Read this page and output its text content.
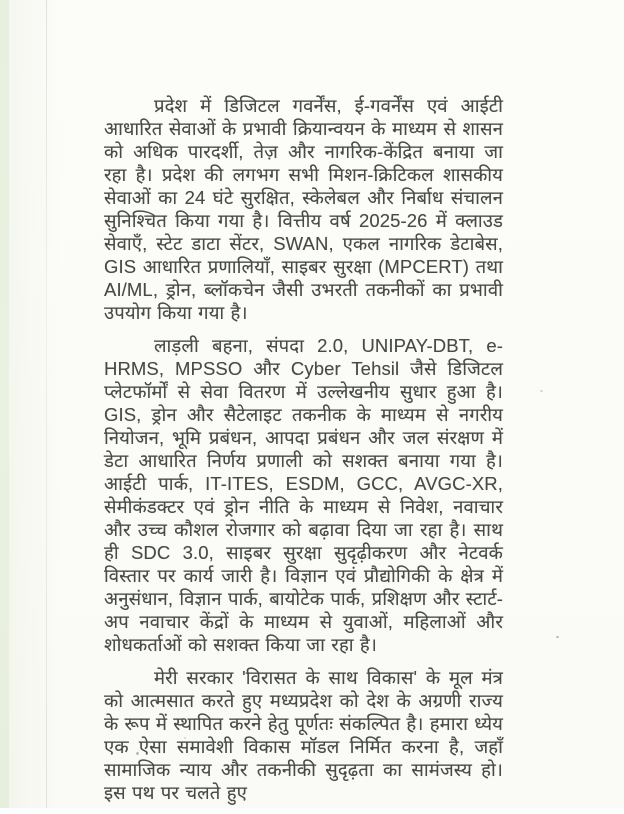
प्रदेश में डिजिटल गवर्नेंस, ई-गवर्नेंस एवं आईटी आधारित सेवाओं के प्रभावी क्रियान्वयन के माध्यम से शासन को अधिक पारदर्शी, तेज़ और नागरिक-केंद्रित बनाया जा रहा है। प्रदेश की लगभग सभी मिशन-क्रिटिकल शासकीय सेवाओं का 24 घंटे सुरक्षित, स्केलेबल और निर्बाध संचालन सुनिश्चित किया गया है। वित्तीय वर्ष 2025-26 में क्लाउड सेवाएँ, स्टेट डाटा सेंटर, SWAN, एकल नागरिक डेटाबेस, GIS आधारित प्रणालियाँ, साइबर सुरक्षा (MPCERT) तथा AI/ML, ड्रोन, ब्लॉकचेन जैसी उभरती तकनीकों का प्रभावी उपयोग किया गया है।

लाड़ली बहना, संपदा 2.0, UNIPAY-DBT, e-HRMS, MPSSO और Cyber Tehsil जैसे डिजिटल प्लेटफॉर्मों से सेवा वितरण में उल्लेखनीय सुधार हुआ है। GIS, ड्रोन और सैटेलाइट तकनीक के माध्यम से नगरीय नियोजन, भूमि प्रबंधन, आपदा प्रबंधन और जल संरक्षण में डेटा आधारित निर्णय प्रणाली को सशक्त बनाया गया है। आईटी पार्क, IT-ITES, ESDM, GCC, AVGC-XR, सेमीकंडक्टर एवं ड्रोन नीति के माध्यम से निवेश, नवाचार और उच्च कौशल रोजगार को बढ़ावा दिया जा रहा है। साथ ही SDC 3.0, साइबर सुरक्षा सुदृढ़ीकरण और नेटवर्क विस्तार पर कार्य जारी है। विज्ञान एवं प्रौद्योगिकी के क्षेत्र में अनुसंधान, विज्ञान पार्क, बायोटेक पार्क, प्रशिक्षण और स्टार्ट-अप नवाचार केंद्रों के माध्यम से युवाओं, महिलाओं और शोधकर्ताओं को सशक्त किया जा रहा है।

मेरी सरकार 'विरासत के साथ विकास' के मूल मंत्र को आत्मसात करते हुए मध्यप्रदेश को देश के अग्रणी राज्य के रूप में स्थापित करने हेतु पूर्णतः संकल्पित है। हमारा ध्येय एक ऐसा समावेशी विकास मॉडल निर्मित करना है, जहाँ सामाजिक न्याय और तकनीकी सुदृढ़ता का सामंजस्य हो। इस पथ पर चलते हुए
